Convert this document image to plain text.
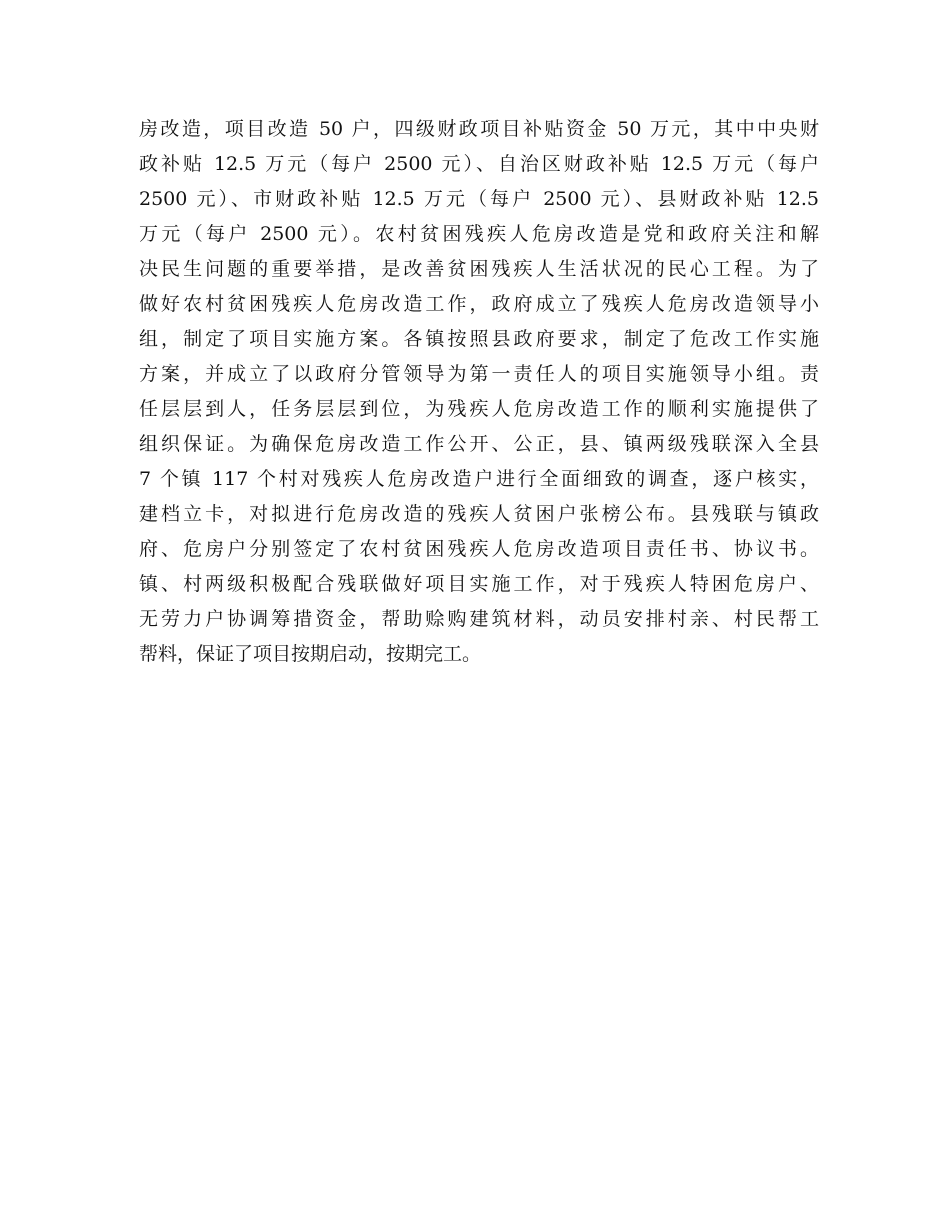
房改造，项目改造 50 户，四级财政项目补贴资金 50 万元，其中中央财
政补贴 12.5 万元（每户 2500 元）、自治区财政补贴 12.5 万元（每户
2500 元）、市财政补贴 12.5 万元（每户 2500 元）、县财政补贴 12.5
万元（每户 2500 元）。农村贫困残疾人危房改造是党和政府关注和解
决民生问题的重要举措，是改善贫困残疾人生活状况的民心工程。为了
做好农村贫困残疾人危房改造工作，政府成立了残疾人危房改造领导小
组，制定了项目实施方案。各镇按照县政府要求，制定了危改工作实施
方案，并成立了以政府分管领导为第一责任人的项目实施领导小组。责
任层层到人，任务层层到位，为残疾人危房改造工作的顺利实施提供了
组织保证。为确保危房改造工作公开、公正，县、镇两级残联深入全县
7 个镇 117 个村对残疾人危房改造户进行全面细致的调查，逐户核实，
建档立卡，对拟进行危房改造的残疾人贫困户张榜公布。县残联与镇政
府、危房户分别签定了农村贫困残疾人危房改造项目责任书、协议书。
镇、村两级积极配合残联做好项目实施工作，对于残疾人特困危房户、
无劳力户协调筹措资金，帮助赊购建筑材料，动员安排村亲、村民帮工
帮料，保证了项目按期启动，按期完工。
